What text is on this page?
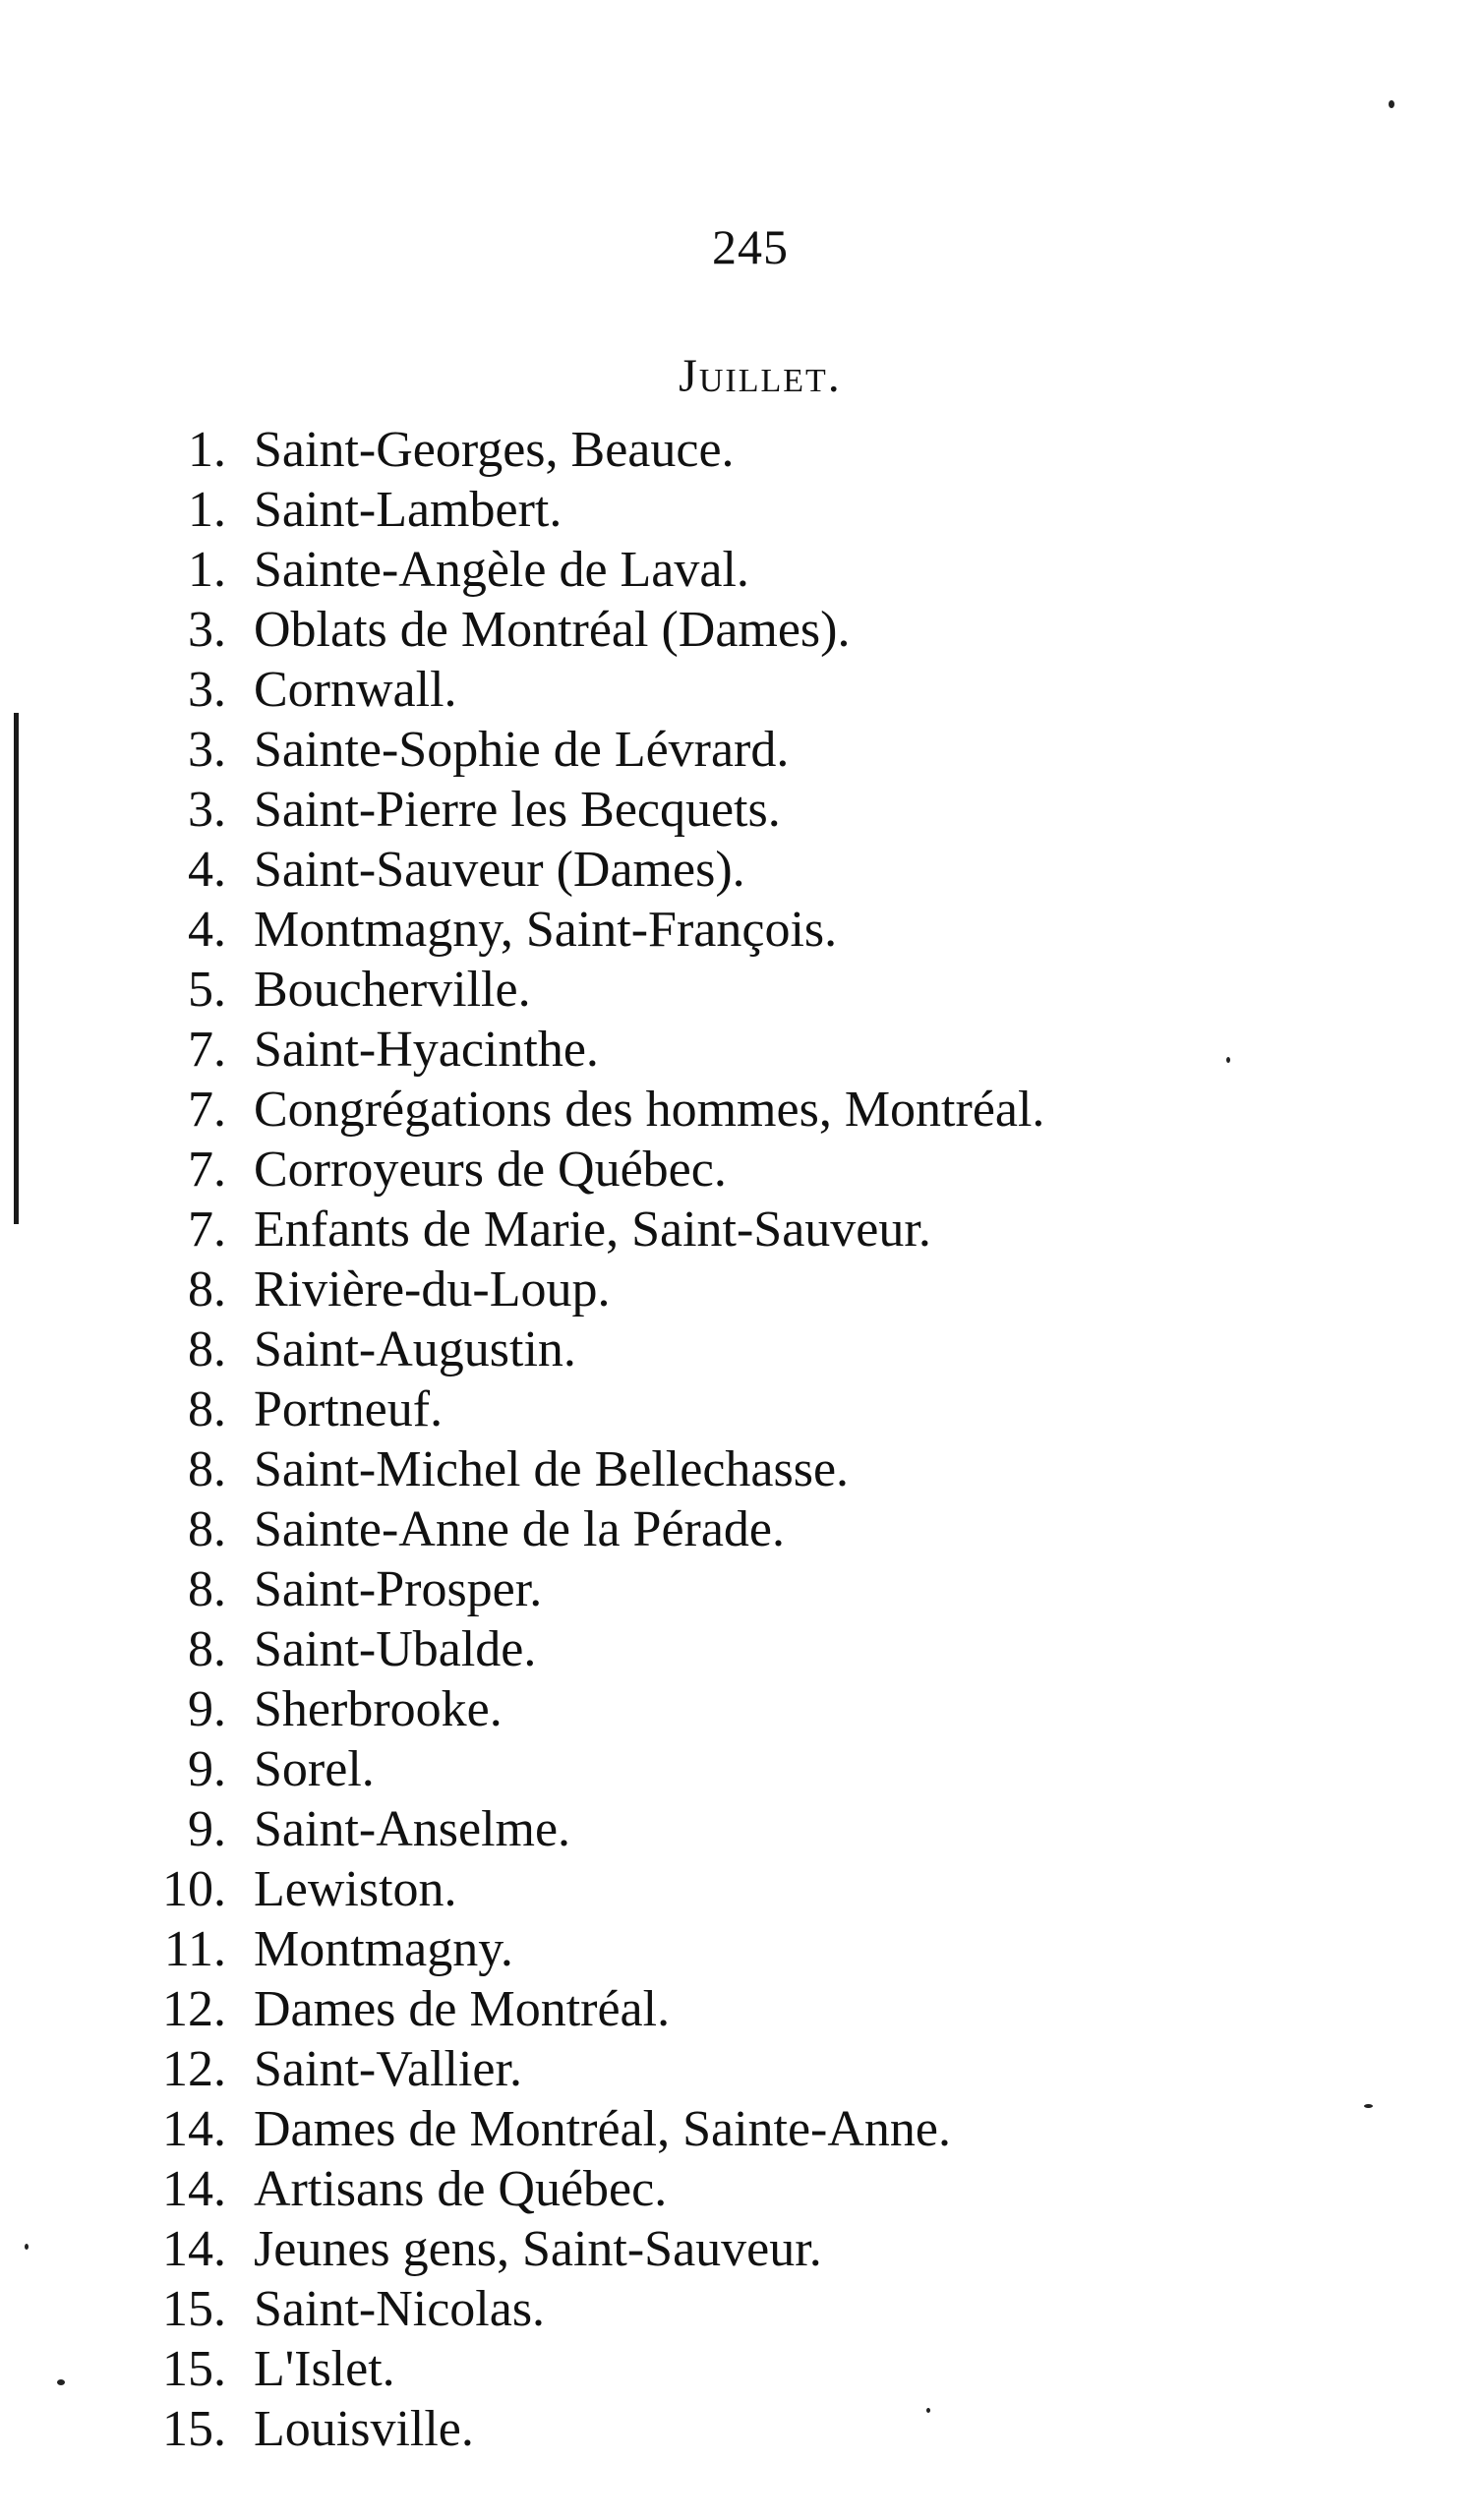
245
Juillet.
1. Saint-Georges, Beauce.
1. Saint-Lambert.
1. Sainte-Angèle de Laval.
3. Oblats de Montréal (Dames).
3. Cornwall.
3. Sainte-Sophie de Lévrard.
3. Saint-Pierre les Becquets.
4. Saint-Sauveur (Dames).
4. Montmagny, Saint-François.
5. Boucherville.
7. Saint-Hyacinthe.
7. Congrégations des hommes, Montréal.
7. Corroyeurs de Québec.
7. Enfants de Marie, Saint-Sauveur.
8. Rivière-du-Loup.
8. Saint-Augustin.
8. Portneuf.
8. Saint-Michel de Bellechasse.
8. Sainte-Anne de la Pérade.
8. Saint-Prosper.
8. Saint-Ubalde.
9. Sherbrooke.
9. Sorel.
9. Saint-Anselme.
10. Lewiston.
11. Montmagny.
12. Dames de Montréal.
12. Saint-Vallier.
14. Dames de Montréal, Sainte-Anne.
14. Artisans de Québec.
14. Jeunes gens, Saint-Sauveur.
15. Saint-Nicolas.
15. L'Islet.
15. Louisville.
